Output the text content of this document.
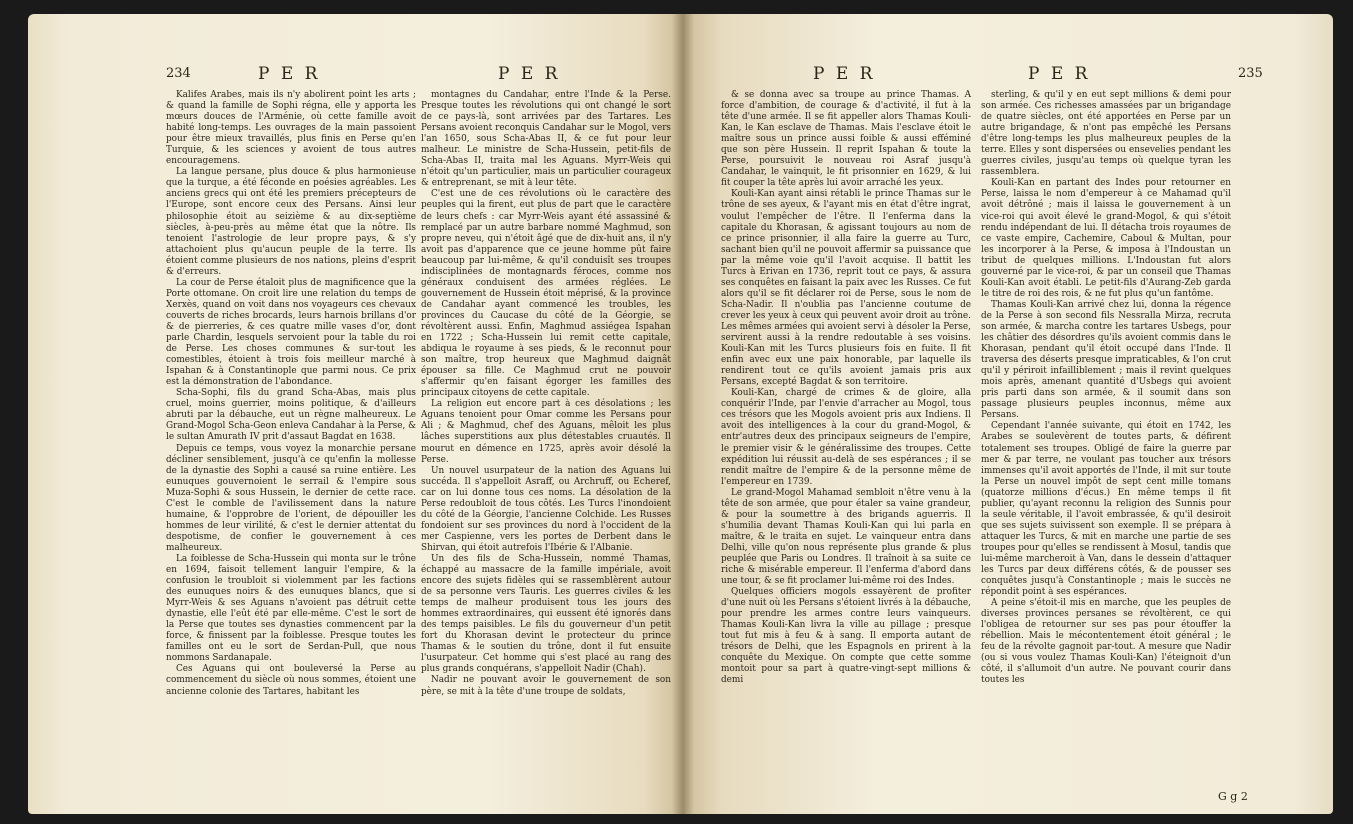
234	P E R	P E R

Kalifes Arabes, mais ils n'y abolirent point les arts ; & quand la famille de Sophi régna, elle y apporta les mœurs douces de l'Arménie, où cette famille avoit habité long-temps. Les ouvrages de la main passoient pour être mieux travaillés, plus finis en Perse qu'en Turquie, & les sciences y avoient de tous autres encouragemens.

La langue persane, plus douce & plus harmonieuse que la turque, a été féconde en poésies agréables. Les anciens grecs qui ont été les premiers précepteurs de l'Europe, sont encore ceux des Persans. Ainsi leur philosophie étoit au seizième & au dix-septième siècles, à-peu-près au même état que la nôtre. Ils tenoient l'astrologie de leur propre pays, & s'y attachoient plus qu'aucun peuple de la terre. Ils étoient comme plusieurs de nos nations, pleins d'esprit & d'erreurs.

La cour de Perse étaloit plus de magnificence que la Porte ottomane. On croit lire une relation du temps de Xerxès, quand on voit dans nos voyageurs ces chevaux couverts de riches brocards, leurs harnois brillans d'or & de pierreries, & ces quatre mille vases d'or, dont parle Chardin, lesquels servoient pour la table du roi de Perse. Les choses communes & sur-tout les comestibles, étoient à trois fois meilleur marché à Ispahan & à Constantinople que parmi nous. Ce prix est la démonstration de l'abondance.

Scha-Sophi, fils du grand Scha-Abas, mais plus cruel, moins guerrier, moins politique, & d'ailleurs abruti par la débauche, eut un règne malheureux. Le Grand-Mogol Scha-Geon enleva Candahar à la Perse, & le sultan Amurath IV prit d'assaut Bagdat en 1638.

Depuis ce temps, vous voyez la monarchie persane décliner sensiblement, jusqu'à ce qu'enfin la mollesse de la dynastie des Sophi a causé sa ruine entière. Les eunuques gouvernoient le serrail & l'empire sous Muza-Sophi & sous Hussein, le dernier de cette race. C'est le comble de l'avilissement dans la nature humaine, & l'opprobre de l'orient, de dépouiller les hommes de leur virilité, & c'est le dernier attentat du despotisme, de confier le gouvernement à ces malheureux.

La foiblesse de Scha-Hussein qui monta sur le trône en 1694, faisoit tellement languir l'empire, & la confusion le troubloit si violemment par les factions des eunuques noirs & des eunuques blancs, que si Myrr-Weis & ses Aguans n'avoient pas détruit cette dynastie, elle l'eût été par elle-même. C'est le sort de la Perse que toutes ses dynasties commencent par la force, & finissent par la foiblesse. Presque toutes les familles ont eu le sort de Serdan-Pull, que nous nommons Sardanapale.

Ces Aguans qui ont bouleversé la Perse au commencement du siècle où nous sommes, étoient une ancienne colonie des Tartares, habitant les

montagnes du Candahar, entre l'Inde & la Perse. Presque toutes les révolutions qui ont changé le sort de ce pays-là, sont arrivées par des Tartares. Les Persans avoient reconquis Candahar sur le Mogol, vers l'an 1650, sous Scha-Abas II, & ce fut pour leur malheur. Le ministre de Scha-Hussein, petit-fils de Scha-Abas II, traita mal les Aguans. Myrr-Weis qui n'étoit qu'un particulier, mais un particulier courageux & entreprenant, se mit à leur tête.

C'est une de ces révolutions où le caractère des peuples qui la firent, eut plus de part que le caractère de leurs chefs : car Myrr-Weis ayant été assassiné & remplacé par un autre barbare nommé Maghmud, son propre neveu, qui n'étoit âgé que de dix-huit ans, il n'y avoit pas d'apparence que ce jeune homme pût faire beaucoup par lui-même, & qu'il conduisît ses troupes indisciplinées de montagnards féroces, comme nos généraux conduisent des armées réglées. Le gouvernement de Hussein étoit méprisé, & la province de Candahar ayant commencé les troubles, les provinces du Caucase du côté de la Géorgie, se révoltèrent aussi. Enfin, Maghmud assiégea Ispahan en 1722 ; Scha-Hussein lui remit cette capitale, abdiqua le royaume à ses pieds, & le reconnut pour son maître, trop heureux que Maghmud daignât épouser sa fille. Ce Maghmud crut ne pouvoir s'affermir qu'en faisant égorger les familles des principaux citoyens de cette capitale.

La religion eut encore part à ces désolations ; les Aguans tenoient pour Omar comme les Persans pour Ali ; & Maghmud, chef des Aguans, mêloit les plus lâches superstitions aux plus détestables cruautés. Il mourut en démence en 1725, après avoir désolé la Perse.

Un nouvel usurpateur de la nation des Aguans lui succéda. Il s'appelloit Asraff, ou Archruff, ou Echeref, car on lui donne tous ces noms. La désolation de la Perse redoubloit de tous côtés. Les Turcs l'inondoient du côté de la Géorgie, l'ancienne Colchide. Les Russes fondoient sur ses provinces du nord à l'occident de la mer Caspienne, vers les portes de Derbent dans le Shirvan, qui étoit autrefois l'Ibérie & l'Albanie.

Un des fils de Scha-Hussein, nommé Thamas, échappé au massacre de la famille impériale, avoit encore des sujets fidèles qui se rassemblèrent autour de sa personne vers Tauris. Les guerres civiles & les temps de malheur produisent tous les jours des hommes extraordinaires, qui eussent été ignorés dans des temps paisibles. Le fils du gouverneur d'un petit fort du Khorasan devint le protecteur du prince Thamas & le soutien du trône, dont il fut ensuite l'usurpateur. Cet homme qui s'est placé au rang des plus grands conquérans, s'appelloit Nadir (Chah).

Nadir ne pouvant avoir le gouvernement de son père, se mit à la tête d'une troupe de soldats,

P E R	P E R	235

& se donna avec sa troupe au prince Thamas. A force d'ambition, de courage & d'activité, il fut à la tête d'une armée. Il se fit appeller alors Thamas Kouli-Kan, le Kan esclave de Thamas. Mais l'esclave étoit le maître sous un prince aussi foible & aussi efféminé que son père Hussein. Il reprit Ispahan & toute la Perse, poursuivit le nouveau roi Asraf jusqu'à Candahar, le vainquit, le fit prisonnier en 1629, & lui fit couper la tête après lui avoir arraché les yeux.

Kouli-Kan ayant ainsi rétabli le prince Thamas sur le trône de ses ayeux, & l'ayant mis en état d'être ingrat, voulut l'empêcher de l'être. Il l'enferma dans la capitale du Khorasan, & agissant toujours au nom de ce prince prisonnier, il alla faire la guerre au Turc, sachant bien qu'il ne pouvoit affermir sa puissance que par la même voie qu'il l'avoit acquise. Il battit les Turcs à Erivan en 1736, reprit tout ce pays, & assura ses conquêtes en faisant la paix avec les Russes. Ce fut alors qu'il se fit déclarer roi de Perse, sous le nom de Scha-Nadir. Il n'oublia pas l'ancienne coutume de crever les yeux à ceux qui peuvent avoir droit au trône. Les mêmes armées qui avoient servi à désoler la Perse, servirent aussi à la rendre redoutable à ses voisins. Kouli-Kan mit les Turcs plusieurs fois en fuite. Il fit enfin avec eux une paix honorable, par laquelle ils rendirent tout ce qu'ils avoient jamais pris aux Persans, excepté Bagdat & son territoire.

Kouli-Kan, chargé de crimes & de gloire, alla conquérir l'Inde, par l'envie d'arracher au Mogol, tous ces trésors que les Mogols avoient pris aux Indiens. Il avoit des intelligences à la cour du grand-Mogol, & entr'autres deux des principaux seigneurs de l'empire, le premier visir & le généralissime des troupes. Cette expédition lui réussit au-delà de ses espérances ; il se rendit maître de l'empire & de la personne même de l'empereur en 1739.

Le grand-Mogol Mahamad sembloit n'être venu à la tête de son armée, que pour étaler sa vaine grandeur, & pour la soumettre à des brigands aguerris. Il s'humilia devant Thamas Kouli-Kan qui lui parla en maître, & le traita en sujet. Le vainqueur entra dans Delhi, ville qu'on nous représente plus grande & plus peuplée que Paris ou Londres. Il traînoit à sa suite ce riche & misérable empereur. Il l'enferma d'abord dans une tour, & se fit proclamer lui-même roi des Indes.

Quelques officiers mogols essayèrent de profiter d'une nuit où les Persans s'étoient livrés à la débauche, pour prendre les armes contre leurs vainqueurs. Thamas Kouli-Kan livra la ville au pillage ; presque tout fut mis à feu & à sang. Il emporta autant de trésors de Delhi, que les Espagnols en prirent à la conquête du Mexique. On compte que cette somme montoit pour sa part à quatre-vingt-sept millions & demi

sterling, & qu'il y en eut sept millions & demi pour son armée. Ces richesses amassées par un brigandage de quatre siècles, ont été apportées en Perse par un autre brigandage, & n'ont pas empêché les Persans d'être long-temps les plus malheureux peuples de la terre. Elles y sont dispersées ou ensevelies pendant les guerres civiles, jusqu'au temps où quelque tyran les rassemblera.

Kouli-Kan en partant des Indes pour retourner en Perse, laissa le nom d'empereur à ce Mahamad qu'il avoit détrôné ; mais il laissa le gouvernement à un vice-roi qui avoit élevé le grand-Mogol, & qui s'étoit rendu indépendant de lui. Il détacha trois royaumes de ce vaste empire, Cachemire, Caboul & Multan, pour les incorporer à la Perse, & imposa à l'Indoustan un tribut de quelques millions. L'Indoustan fut alors gouverné par le vice-roi, & par un conseil que Thamas Kouli-Kan avoit établi. Le petit-fils d'Aurang-Zeb garda le titre de roi des rois, & ne fut plus qu'un fantôme.

Thamas Kouli-Kan arrivé chez lui, donna la régence de la Perse à son second fils Nessralla Mirza, recruta son armée, & marcha contre les tartares Usbegs, pour les châtier des désordres qu'ils avoient commis dans le Khorasan, pendant qu'il étoit occupé dans l'Inde. Il traversa des déserts presque impraticables, & l'on crut qu'il y périroit infailliblement ; mais il revint quelques mois après, amenant quantité d'Usbegs qui avoient pris parti dans son armée, & il soumit dans son passage plusieurs peuples inconnus, même aux Persans.

Cependant l'année suivante, qui étoit en 1742, les Arabes se soulevèrent de toutes parts, & défirent totalement ses troupes. Obligé de faire la guerre par mer & par terre, ne voulant pas toucher aux trésors immenses qu'il avoit apportés de l'Inde, il mit sur toute la Perse un nouvel impôt de sept cent mille tomans (quatorze millions d'écus.) En même temps il fit publier, qu'ayant reconnu la religion des Sunnis pour la seule véritable, il l'avoit embrassée, & qu'il desiroit que ses sujets suivissent son exemple. Il se prépara à attaquer les Turcs, & mit en marche une partie de ses troupes pour qu'elles se rendissent à Mosul, tandis que lui-même marcheroit à Van, dans le dessein d'attaquer les Turcs par deux différens côtés, & de pousser ses conquêtes jusqu'à Constantinople ; mais le succès ne répondit point à ses espérances.

A peine s'étoit-il mis en marche, que les peuples de diverses provinces persanes se révoltèrent, ce qui l'obligea de retourner sur ses pas pour étouffer la rébellion. Mais le mécontentement étoit général ; le feu de la révolte gagnoit par-tout. A mesure que Nadir (ou si vous voulez Thamas Kouli-Kan) l'éteignoit d'un côté, il s'allumoit d'un autre. Ne pouvant courir dans toutes les

G g 2
